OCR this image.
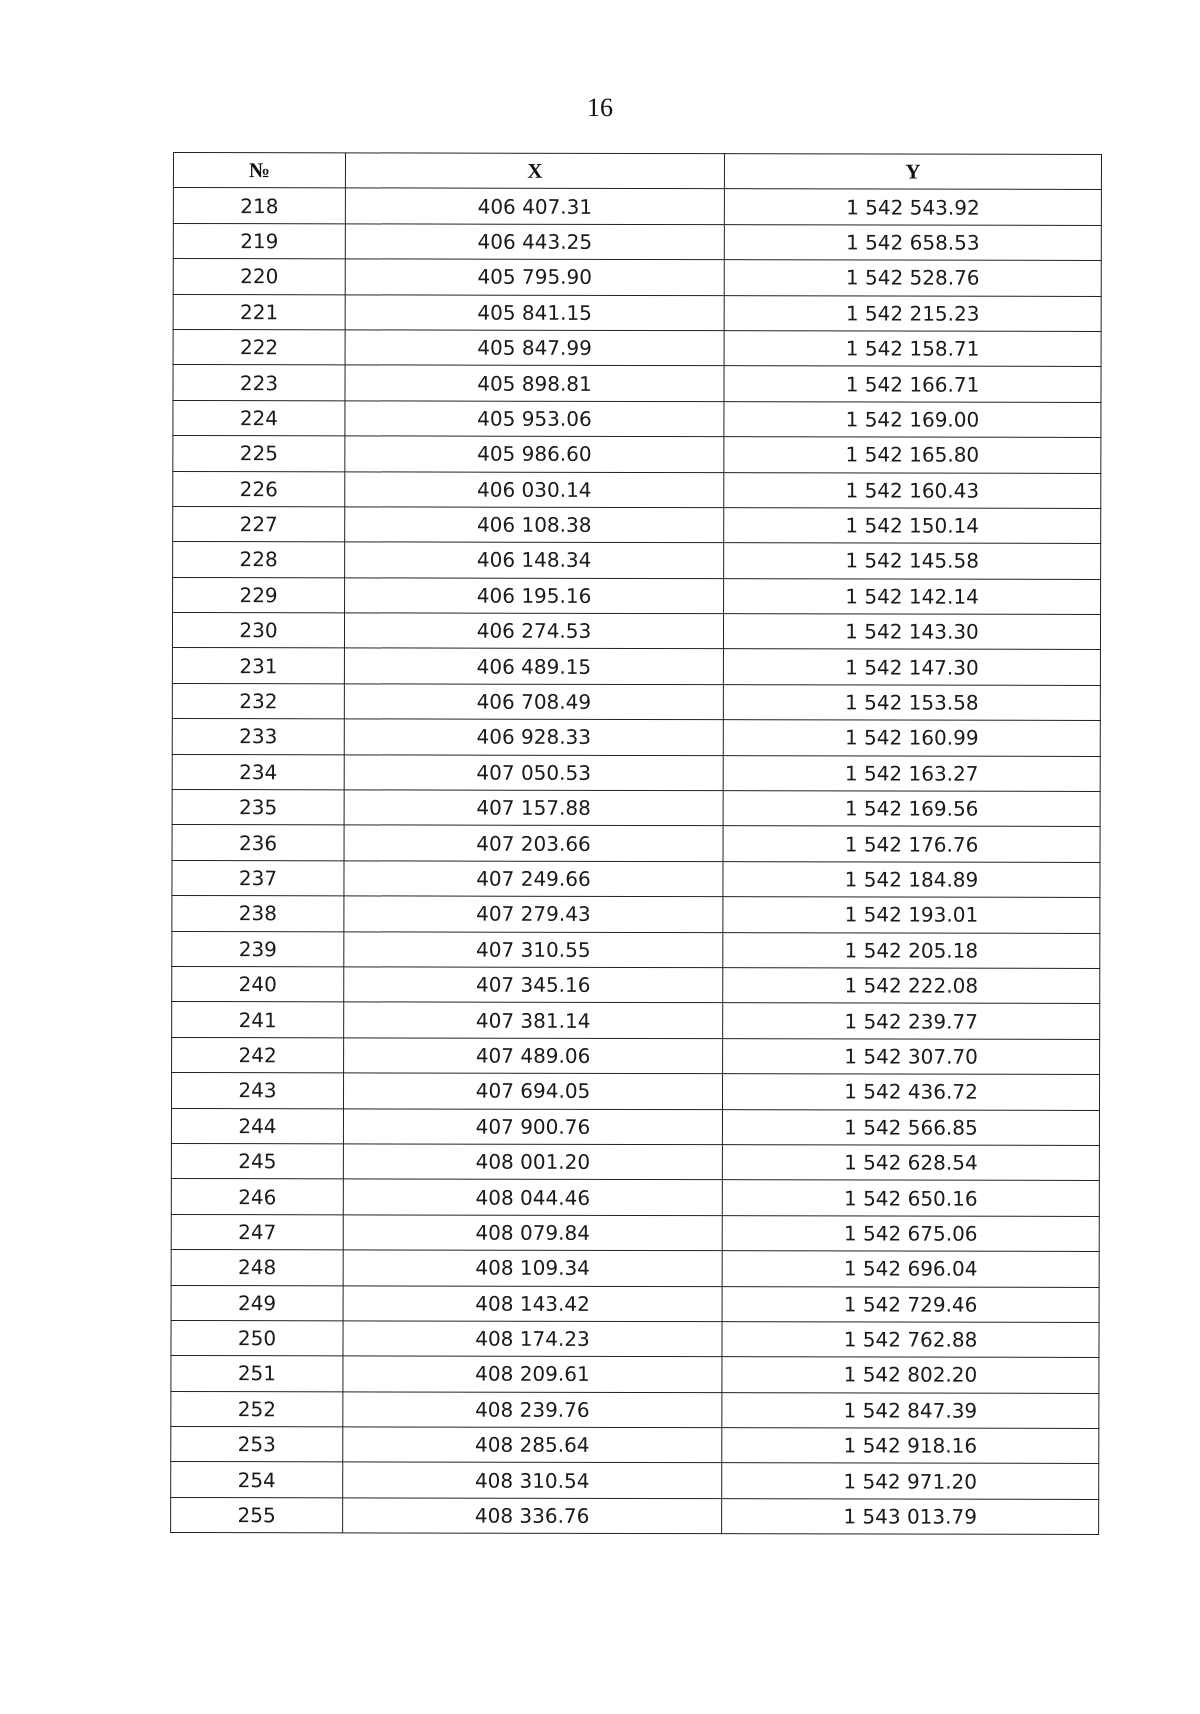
16
№	X	Y
218	406 407.31	1 542 543.92
219	406 443.25	1 542 658.53
220	405 795.90	1 542 528.76
221	405 841.15	1 542 215.23
222	405 847.99	1 542 158.71
223	405 898.81	1 542 166.71
224	405 953.06	1 542 169.00
225	405 986.60	1 542 165.80
226	406 030.14	1 542 160.43
227	406 108.38	1 542 150.14
228	406 148.34	1 542 145.58
229	406 195.16	1 542 142.14
230	406 274.53	1 542 143.30
231	406 489.15	1 542 147.30
232	406 708.49	1 542 153.58
233	406 928.33	1 542 160.99
234	407 050.53	1 542 163.27
235	407 157.88	1 542 169.56
236	407 203.66	1 542 176.76
237	407 249.66	1 542 184.89
238	407 279.43	1 542 193.01
239	407 310.55	1 542 205.18
240	407 345.16	1 542 222.08
241	407 381.14	1 542 239.77
242	407 489.06	1 542 307.70
243	407 694.05	1 542 436.72
244	407 900.76	1 542 566.85
245	408 001.20	1 542 628.54
246	408 044.46	1 542 650.16
247	408 079.84	1 542 675.06
248	408 109.34	1 542 696.04
249	408 143.42	1 542 729.46
250	408 174.23	1 542 762.88
251	408 209.61	1 542 802.20
252	408 239.76	1 542 847.39
253	408 285.64	1 542 918.16
254	408 310.54	1 542 971.20
255	408 336.76	1 543 013.79
